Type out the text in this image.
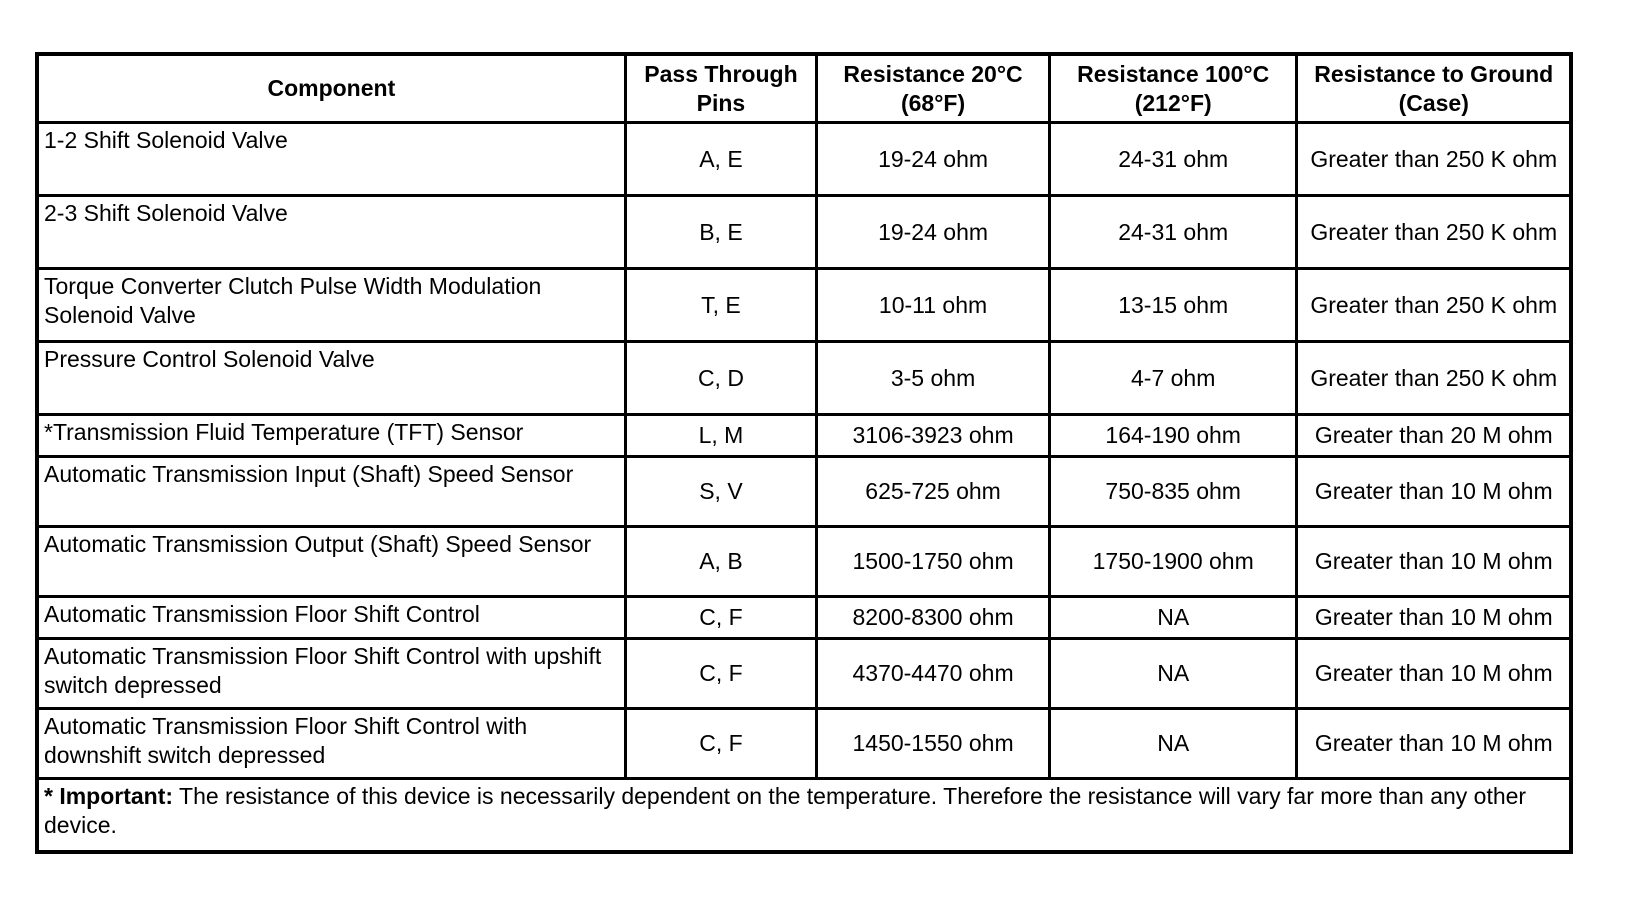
Component	Pass Through Pins	Resistance 20°C (68°F)	Resistance 100°C (212°F)	Resistance to Ground (Case)
1-2 Shift Solenoid Valve	A, E	19-24 ohm	24-31 ohm	Greater than 250 K ohm
2-3 Shift Solenoid Valve	B, E	19-24 ohm	24-31 ohm	Greater than 250 K ohm
Torque Converter Clutch Pulse Width Modulation Solenoid Valve	T, E	10-11 ohm	13-15 ohm	Greater than 250 K ohm
Pressure Control Solenoid Valve	C, D	3-5 ohm	4-7 ohm	Greater than 250 K ohm
*Transmission Fluid Temperature (TFT) Sensor	L, M	3106-3923 ohm	164-190 ohm	Greater than 20 M ohm
Automatic Transmission Input (Shaft) Speed Sensor	S, V	625-725 ohm	750-835 ohm	Greater than 10 M ohm
Automatic Transmission Output (Shaft) Speed Sensor	A, B	1500-1750 ohm	1750-1900 ohm	Greater than 10 M ohm
Automatic Transmission Floor Shift Control	C, F	8200-8300 ohm	NA	Greater than 10 M ohm
Automatic Transmission Floor Shift Control with upshift switch depressed	C, F	4370-4470 ohm	NA	Greater than 10 M ohm
Automatic Transmission Floor Shift Control with downshift switch depressed	C, F	1450-1550 ohm	NA	Greater than 10 M ohm
* Important: The resistance of this device is necessarily dependent on the temperature. Therefore the resistance will vary far more than any other device.				
